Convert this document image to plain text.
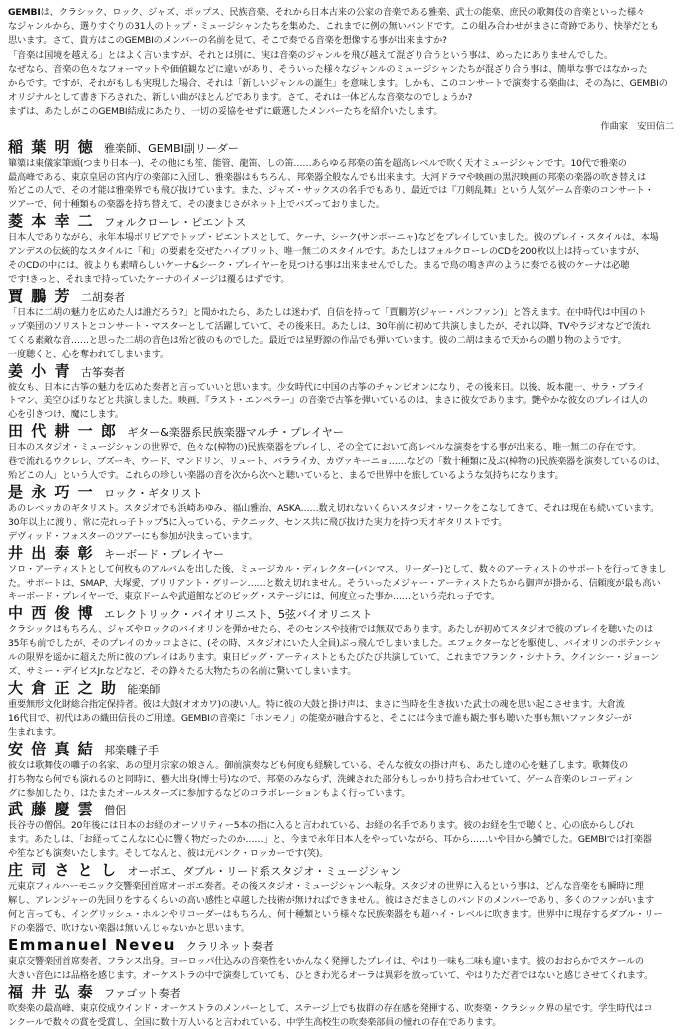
GEMBIは、クラシック、ロック、ジャズ、ポップス、民族音楽、それから日本古来の公家の音楽である雅楽、武士の能楽、庶民の歌舞伎の音楽といった様々

なジャンルから、選りすぐりの31人のトップ・ミュージシャンたちを集めた、これまでに例の無いバンドです。この組み合わせがまさに奇跡であり、快挙だとも

思います。さて、貴方はこのGEMBIのメンバーの名前を見て、そこで奏でる音楽を想像する事が出来ますか?

「音楽は国境を越える」とはよく言いますが、それとは別に、実は音楽のジャンルを飛び越えて混ざり合うという事は、めったにありませんでした。

なぜなら、音楽の色々なフォーマットや価値観などに違いがあり、そういった様々なジャンルのミュージシャンたちが混ざり合う事は、簡単な事ではなかった

からです。ですが、それがもしも実現した場合、それは「新しいジャンルの誕生」を意味します。しかも、このコンサートで演奏する楽曲は、その為に、GEMBIの

オリジナルとして書き下ろされた、新しい曲がほとんどであります。さて、それは一体どんな音楽なのでしょうか?

まずは、あたしがこのGEMBI結成にあたり、一切の妥協をせずに厳選したメンバーたちを紹介いたします。

作曲家　安田信二
稲 葉 明 徳 雅楽師、GEMBI副リーダー

篳篥は東儀家筆頭(つまり日本一)、その他にも笙、能管、龍笛、しの笛……あらゆる邦楽の笛を超高レベルで吹く天才ミュージシャンです。10代で雅楽の

最高峰である、東京皇居の宮内庁の楽部に入団し、雅楽器はもちろん、邦楽器全般なんでも出来ます。大河ドラマや映画の黒沢映画の邦楽の楽器の吹き替えは

殆どこの人で、その才能は雅楽界でも飛び抜けています。また、ジャズ・サックスの名手でもあり、最近では『刀剣乱舞』という人気ゲーム音楽のコンサート・

ツアーで、何十種類もの楽器を持ち替えて、その凄まじさがネット上でバズっておりました。

菱 本 幸 二 フォルクローレ・ピエントス

日本人でありながら、永年本場ボリビアでトップ・ピエントスとして、ケーナ、シーク(サンポーニャ)などをプレイしていました。彼のプレイ・スタイルは、本場

アンデスの伝統的なスタイルに「和」の要素を交ぜたハイブリット、唯一無二のスタイルです。あたしはフォルクローレのCDを200枚以上は持っていますが、

そのCDの中には、彼よりも素晴らしいケーナ&シーク・プレイヤーを見つける事は出来ませんでした。まるで鳥の鳴き声のように奏でる彼のケーナは必聴

です!きっと、それまで持っていたケーナのイメージは覆るはずです。

賈 鵬 芳 二胡奏者

「日本に二胡の魅力を広めた人は誰だろう?」と聞かれたら、あたしは迷わず、自信を持って「賈鵬芳(ジャー・パンファン)」と答えます。在中時代は中国のト

ップ楽団のソリストとコンサート・マスターとして活躍していて、その後来日。あたしは、30年前に初めて共演しましたが、それ以降、TVやラジオなどで流れ

てくる素敵な音……と思った二胡の音色は殆ど彼のものでした。最近では星野源の作品でも弾いています。彼の二胡はまるで天からの贈り物のようです。

一度聴くと、心を奪われてしまいます。

姜 小 青 古筝奏者

彼女も、日本に古筝の魅力を広めた奏者と言っていいと思います。少女時代に中国の古筝のチャンピオンになり、その後来日。以後、坂本龍一、サラ・ブライ

トマン、美空ひばりなどと共演しました。映画、『ラスト・エンペラー』の音楽で古筝を弾いているのは、まさに彼女であります。艶やかな彼女のプレイは人の

心を引きつけ、魔にします。

田 代 耕 一 郎 ギター&楽器系民族楽器マルチ・プレイヤー

日本のスタジオ・ミュージシャンの世界で、色々な(棹物の)民族楽器をプレイし、その全てにおいて高レベルな演奏をする事が出来る、唯一無二の存在です。

巷で流れるウクレレ、ブズーキ、ウード、マンドリン、リュート、バラライカ、カヴァキーニョ……などの「数十種類に及ぶ(棹物の)民族楽器を演奏しているのは、

殆どこの人」という人です。これらの珍しい楽器の音を次から次へと聴いていると、まるで世界中を旅しているような気持ちになります。

是 永 巧 一 ロック・ギタリスト

あのレベッカのギタリスト。スタジオでも浜崎あゆみ、福山雅治、ASKA……数え切れないくらいスタジオ・ワークをこなしてきて、それは現在も続いています。

30年以上に渡り、常に売れっ子トップ5に入っている、テクニック、センス共に飛び抜けた実力を持つ天才ギタリストです。

デヴィッド・フォスターのツアーにも参加が決まっています。

井 出 泰 彰 キーボード・プレイヤー

ソロ・アーティストとして何枚ものアルバムを出した後、ミュージカル・ディレクター(バンマス、リーダー)として、数々のアーティストのサポートを行ってきまし

た。サポートは、SMAP、大塚愛、ブリリアント・グリーン……と数え切れません。そういったメジャー・アーティストたちから御声が掛かる、信頼度が最も高い

キーボード・プレイヤーで、東京ドームや武道館などのビッグ・ステージには、何度立った事か……という売れっ子です。

中 西 俊 博 エレクトリック・バイオリニスト、5弦バイオリニスト

クラシックはもちろん、ジャズやロックのバイオリンを弾かせたら、そのセンスや技術では無双であります。あたしが初めてスタジオで彼のプレイを聴いたのは

35年も前でしたが、そのプレイのカッコよさに、(その時、スタジオにいた人全員)ぶっ飛んでしまいました。エフェクターなどを駆使し、バイオリンのポテンシャ

ルの限界を遥かに超えた所に彼のプレイはあります。東日ビッグ・アーティストともたびたび共演していて、これまでフランク・シナトラ、クインシー・ジョーン

ズ、サミー・デイビスJr.などなど、その錚々たる大物たちの名前に驚いてしまいます。

大 倉 正 之 助 能楽師

重要無形文化財総合指定保持者。彼は大鼓(オオカワ)の凄い人。特に彼の大鼓と掛け声は、まさに当時を生き抜いた武士の魂を思い起こさせます。大倉流

16代目で、初代はあの織田信長のご用達。GEMBIの音楽に「ホンモノ」の能楽が融合すると、そこには今まで誰も観た事も聴いた事も無いファンタジーが

生まれます。

安 倍 真 結 邦楽囃子手

彼女は歌舞伎の囃子の名家、あの望月宗家の娘さん。御前演奏なども何度も経験している、そんな彼女の掛け声も、あたし達の心を魅了します。歌舞伎の

打ち物なら何でも演れるのと同時に、藝大出身(博士号)なので、邦楽のみならず、洗練された部分もしっかり持ち合わせていて、ゲーム音楽のレコーディン

グに参加したり、はたまたオールスターズに参加するなどのコラボレーションもよく行っています。

武 藤 慶 雲 僧侶

長谷寺の僧侶。20年後には日本のお経のオーソリティー5本の指に入ると言われている、お経の名手であります。彼のお経を生で聴くと、心の底からしびれ

ます。あたしは、「お経ってこんなに心に響く物だったのか……」と、今まで永年日本人をやっていながら、耳から……いや目から鱗でした。GEMBIでは打楽器

や笙なども演奏いたします。そしてなんと、彼は元バンク・ロッカーです(笑)。

庄 司 さ と し オーボエ、ダブル・リード系スタジオ・ミュージシャン

元東京フィルハーモニック交響楽団首席オーボエ奏者。その後スタジオ・ミュージシャンへ転身。スタジオの世界に入るという事は、どんな音楽をも瞬時に理

解し、アレンジャーの先回りをするくらいの高い感性と卓越した技術が無ければできません。彼はさだまさしのバンドのメンバーであり、多くのファンがいます

何と言っても、イングリッシュ・ホルンやリコーダーはもちろん、何十種類という様々な民族楽器をも超ハイ・レベルに吹きます。世界中に現存するダブル・リー

ドの楽器で、吹けない楽器は無いんじゃないかと思います。

Emmanuel Neveu クラリネット奏者

東京交響楽団首席奏者、フランス出身。ヨーロッパ仕込みの音楽性をいかんなく発揮したプレイは、やはり一味も二味も違います。彼のおおらかでスケールの

大きい音色には品格を感じます。オーケストラの中で演奏していても、ひときわ光るオーラは異彩を放っていて、やはりただ者ではないと感じさせてくれます。

福 井 弘 泰 ファゴット奏者

吹奏楽の最高峰、東京佼成ウインド・オーケストラのメンバーとして、ステージ上でも抜群の存在感を発揮する、吹奏楽・クラシック界の星です。学生時代はコ

ンクールで数々の賞を受賞し、全国に数十万人いると言われている、中学生高校生の吹奏楽部員の憧れの存在であります。
